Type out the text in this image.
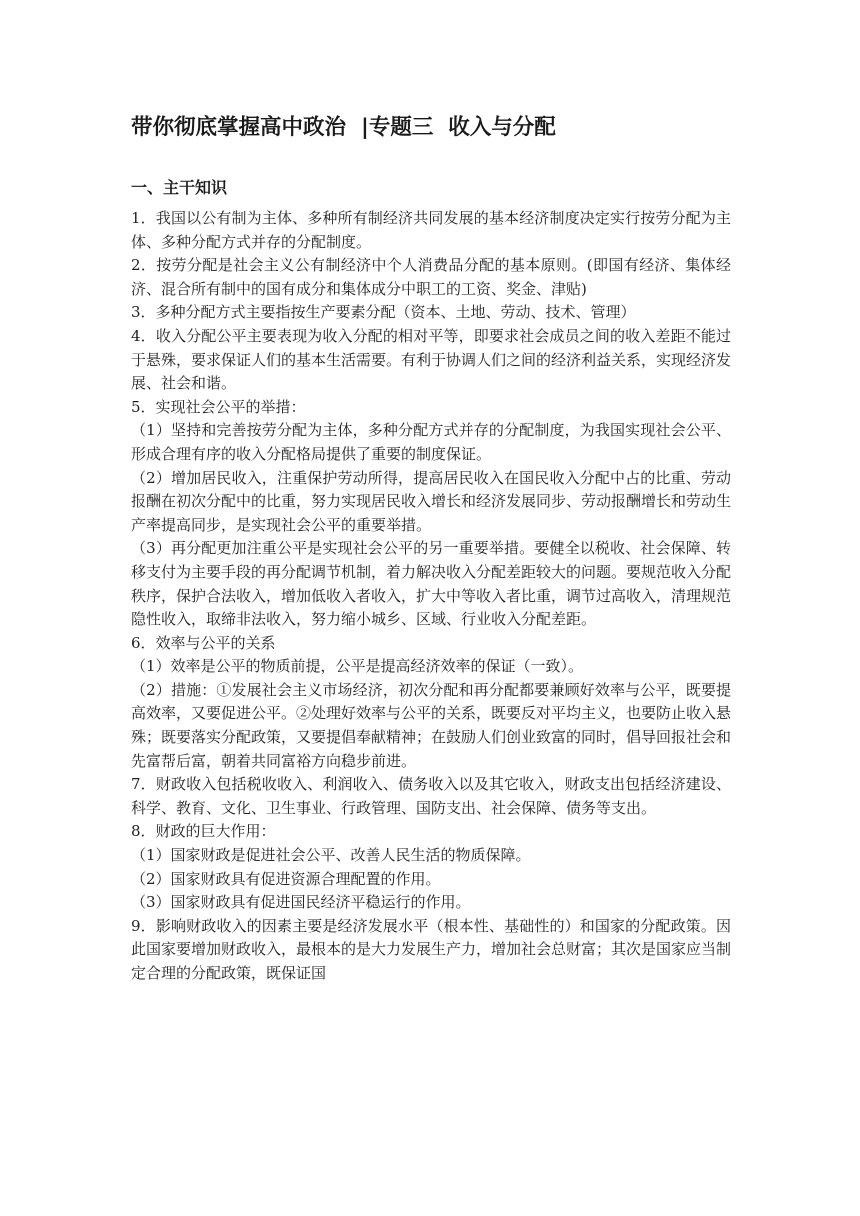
带你彻底掌握高中政治  |专题三  收入与分配
一、主干知识

1．我国以公有制为主体、多种所有制经济共同发展的基本经济制度决定实行按劳分配为主体、多种分配方式并存的分配制度。

2．按劳分配是社会主义公有制经济中个人消费品分配的基本原则。(即国有经济、集体经济、混合所有制中的国有成分和集体成分中职工的工资、奖金、津贴)

3．多种分配方式主要指按生产要素分配（资本、土地、劳动、技术、管理）

4．收入分配公平主要表现为收入分配的相对平等，即要求社会成员之间的收入差距不能过于悬殊，要求保证人们的基本生活需要。有利于协调人们之间的经济利益关系，实现经济发展、社会和谐。

5．实现社会公平的举措：

（1）坚持和完善按劳分配为主体，多种分配方式并存的分配制度，为我国实现社会公平、形成合理有序的收入分配格局提供了重要的制度保证。

（2）增加居民收入，注重保护劳动所得，提高居民收入在国民收入分配中占的比重、劳动报酬在初次分配中的比重，努力实现居民收入增长和经济发展同步、劳动报酬增长和劳动生产率提高同步，是实现社会公平的重要举措。

（3）再分配更加注重公平是实现社会公平的另一重要举措。要健全以税收、社会保障、转移支付为主要手段的再分配调节机制，着力解决收入分配差距较大的问题。要规范收入分配秩序，保护合法收入，增加低收入者收入，扩大中等收入者比重，调节过高收入，清理规范隐性收入，取缔非法收入，努力缩小城乡、区域、行业收入分配差距。

6．效率与公平的关系

（1）效率是公平的物质前提，公平是提高经济效率的保证（一致）。

（2）措施：①发展社会主义市场经济，初次分配和再分配都要兼顾好效率与公平，既要提高效率，又要促进公平。②处理好效率与公平的关系，既要反对平均主义，也要防止收入悬殊；既要落实分配政策，又要提倡奉献精神；在鼓励人们创业致富的同时，倡导回报社会和先富帮后富，朝着共同富裕方向稳步前进。

7．财政收入包括税收收入、利润收入、债务收入以及其它收入，财政支出包括经济建设、科学、教育、文化、卫生事业、行政管理、国防支出、社会保障、债务等支出。

8．财政的巨大作用：

（1）国家财政是促进社会公平、改善人民生活的物质保障。

（2）国家财政具有促进资源合理配置的作用。

（3）国家财政具有促进国民经济平稳运行的作用。

9．影响财政收入的因素主要是经济发展水平（根本性、基础性的）和国家的分配政策。因此国家要增加财政收入，最根本的是大力发展生产力，增加社会总财富；其次是国家应当制定合理的分配政策，既保证国
